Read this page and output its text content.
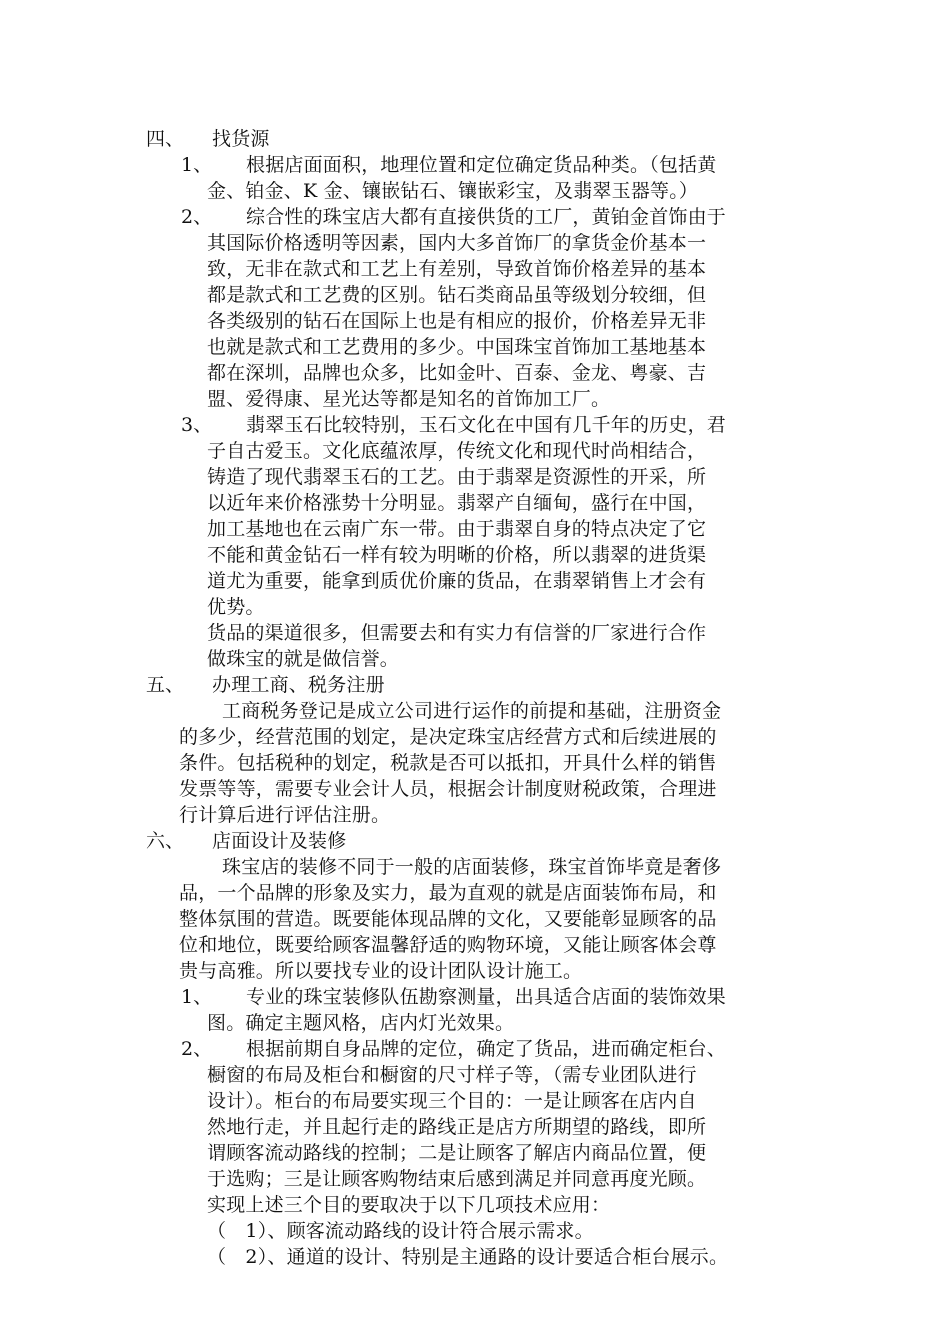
四、 找货源
1、 根据店面面积，地理位置和定位确定货品种类。（包括黄
金、铂金、K 金、镶嵌钻石、镶嵌彩宝，及翡翠玉器等。）
2、 综合性的珠宝店大都有直接供货的工厂，黄铂金首饰由于
其国际价格透明等因素，国内大多首饰厂的拿货金价基本一
致，无非在款式和工艺上有差别，导致首饰价格差异的基本
都是款式和工艺费的区别。钻石类商品虽等级划分较细，但
各类级别的钻石在国际上也是有相应的报价，价格差异无非
也就是款式和工艺费用的多少。中国珠宝首饰加工基地基本
都在深圳，品牌也众多，比如金叶、百泰、金龙、粤豪、吉
盟、爱得康、星光达等都是知名的首饰加工厂。
3、 翡翠玉石比较特别，玉石文化在中国有几千年的历史，君
子自古爱玉。文化底蕴浓厚，传统文化和现代时尚相结合，
铸造了现代翡翠玉石的工艺。由于翡翠是资源性的开采，所
以近年来价格涨势十分明显。翡翠产自缅甸，盛行在中国，
加工基地也在云南广东一带。由于翡翠自身的特点决定了它
不能和黄金钻石一样有较为明晰的价格，所以翡翠的进货渠
道尤为重要，能拿到质优价廉的货品，在翡翠销售上才会有
优势。
货品的渠道很多，但需要去和有实力有信誉的厂家进行合作
做珠宝的就是做信誉。
五、 办理工商、税务注册
工商税务登记是成立公司进行运作的前提和基础，注册资金
的多少，经营范围的划定，是决定珠宝店经营方式和后续进展的
条件。包括税种的划定，税款是否可以抵扣，开具什么样的销售
发票等等，需要专业会计人员，根据会计制度财税政策，合理进
行计算后进行评估注册。
六、 店面设计及装修
珠宝店的装修不同于一般的店面装修，珠宝首饰毕竟是奢侈
品，一个品牌的形象及实力，最为直观的就是店面装饰布局，和
整体氛围的营造。既要能体现品牌的文化，又要能彰显顾客的品
位和地位，既要给顾客温馨舒适的购物环境，又能让顾客体会尊
贵与高雅。所以要找专业的设计团队设计施工。
1、 专业的珠宝装修队伍勘察测量，出具适合店面的装饰效果
图。确定主题风格，店内灯光效果。
2、 根据前期自身品牌的定位，确定了货品，进而确定柜台、
橱窗的布局及柜台和橱窗的尺寸样子等，（需专业团队进行
设计）。柜台的布局要实现三个目的：一是让顾客在店内自
然地行走，并且起行走的路线正是店方所期望的路线，即所
谓顾客流动路线的控制；二是让顾客了解店内商品位置，便
于选购；三是让顾客购物结束后感到满足并同意再度光顾。
实现上述三个目的要取决于以下几项技术应用：
（　1）、顾客流动路线的设计符合展示需求。
（　2）、通道的设计、特别是主通路的设计要适合柜台展示。
